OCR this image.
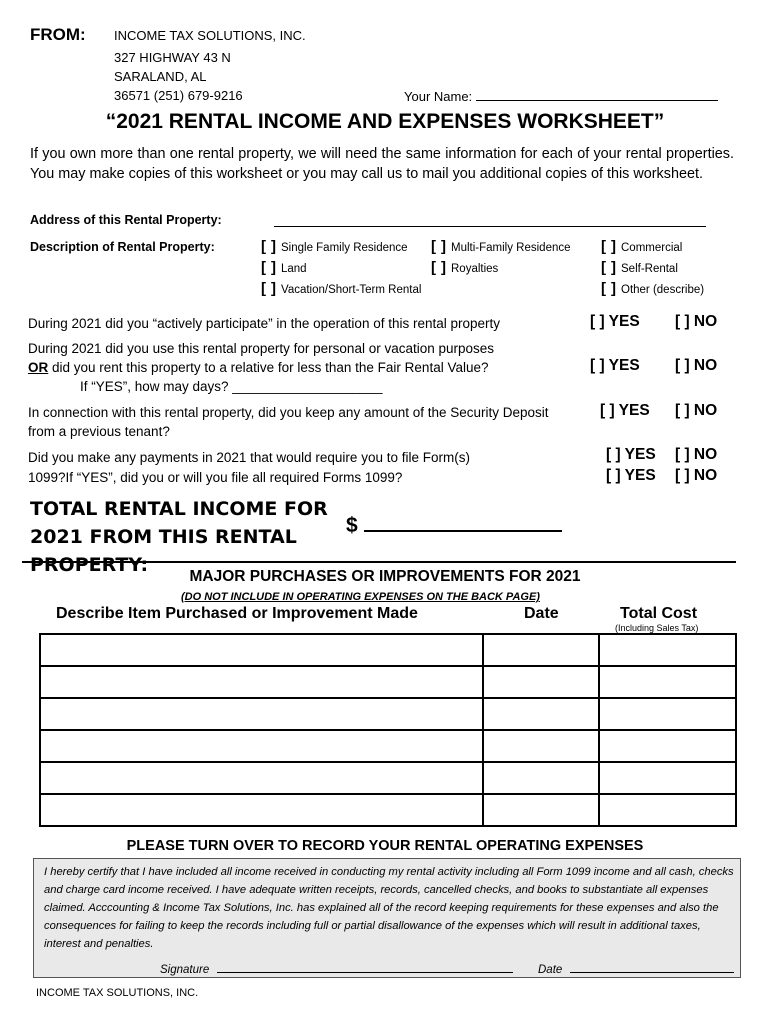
FROM: INCOME TAX SOLUTIONS, INC.
327 HIGHWAY 43 N
SARALAND, AL
36571 (251) 679-9216	Your Name:
“2021 RENTAL INCOME AND EXPENSES WORKSHEET”
If you own more than one rental property, we will need the same information for each of your rental properties. You may make copies of this worksheet or you may call us to mail you additional copies of this worksheet.
Address of this Rental Property:
Description of Rental Property:	[ ] Single Family Residence [ ] Multi-Family Residence [ ] Commercial
[ ] Land	[ ] Royalties	[ ] Self-Rental
[ ] Vacation/Short-Term Rental	[ ] Other (describe)
During 2021 did you “actively participate” in the operation of this rental property	[ ] YES [ ] NO
During 2021 did you use this rental property for personal or vacation purposes
OR did you rent this property to a relative for less than the Fair Rental Value?
If “YES”, how may days? ____________________
[ ] YES [ ] NO
In connection with this rental property, did you keep any amount of the Security Deposit from a previous tenant?
[ ] YES [ ] NO
Did you make any payments in 2021 that would require you to file Form(s)
1099?If “YES”, did you or will you file all required Forms 1099?
[ ] YES [ ] NO
[ ] YES [ ] NO
TOTAL RENTAL INCOME FOR 2021 FROM THIS RENTAL PROPERTY:
$
MAJOR PURCHASES OR IMPROVEMENTS FOR 2021
(DO NOT INCLUDE IN OPERATING EXPENSES ON THE BACK PAGE)
Describe Item Purchased or Improvement Made	Date	Total Cost
(Including Sales Tax)

PLEASE TURN OVER TO RECORD YOUR RENTAL OPERATING EXPENSES
I hereby certify that I have included all income received in conducting my rental activity including all Form 1099 income and all cash, checks and charge card income received. I have adequate written receipts, records, cancelled checks, and books to substantiate all expenses claimed. Acccounting & Income Tax Solutions, Inc. has explained all of the record keeping requirements for these expenses and also the consequences for failing to keep the records including full or partial disallowance of the expenses which will result in additional taxes, interest and penalties.
Signature	Date
INCOME TAX SOLUTIONS, INC.
